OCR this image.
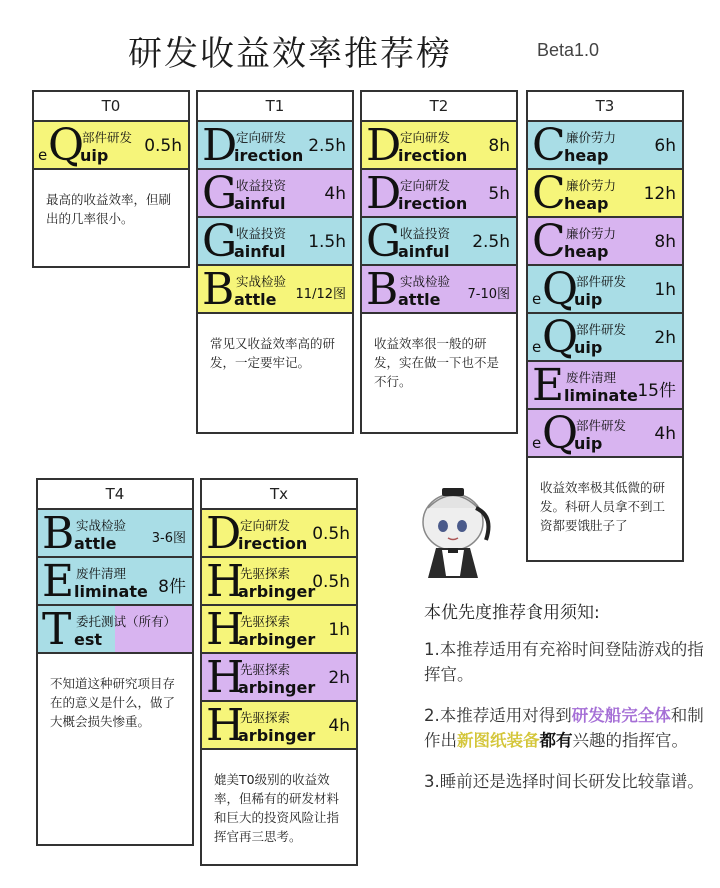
研发收益效率推荐榜	Beta1.0
T0
e Q
uip
部件研发 0.5h
最高的收益效率，但刷出的几率很小。
T1
D
irection
定向研发 2.5h
G
ainful
收益投资 4h
G
ainful
收益投资 1.5h
B attle
实战检验
11/12图
常见又收益效率高的研发，一定要牢记。
T2
D
irection
定向研发 8h
D
irection
定向研发 5h
G
ainful
收益投资 2.5h
B attle
实战检验
7-10图
收益效率很一般的研发，实在做一下也不是不行。
T3
C
heap
廉价劳力 6h
C
heap
廉价劳力 12h
C
heap
廉价劳力 8h
e Q
uip
部件研发 1h
e Q
uip
部件研发 2h
E liminate
废件清理
15件
e Q
uip
部件研发 4h
收益效率极其低微的研发。科研人员拿不到工资都要饿肚子了
T4
B attle
实战检验
3-6图
E liminate
废件清理
8件
T est
委托测试（所有）
不知道这种研究项目存在的意义是什么，做了大概会损失惨重。
Tx
D
irection
定向研发 0.5h
H
arbinger
先驱探索 0.5h
H
arbinger
先驱探索 1h
H
arbinger
先驱探索 2h
H
arbinger
先驱探索 4h
媲美T0级别的收益效率，但稀有的研发材料和巨大的投资风险让指挥官再三思考。
本优先度推荐食用须知:
1.本推荐适用有充裕时间登陆游戏的指挥官。
2.本推荐适用对得到研发船完全体和制作出新图纸装备都有兴趣的指挥官。
3.睡前还是选择时间长研发比较靠谱。
